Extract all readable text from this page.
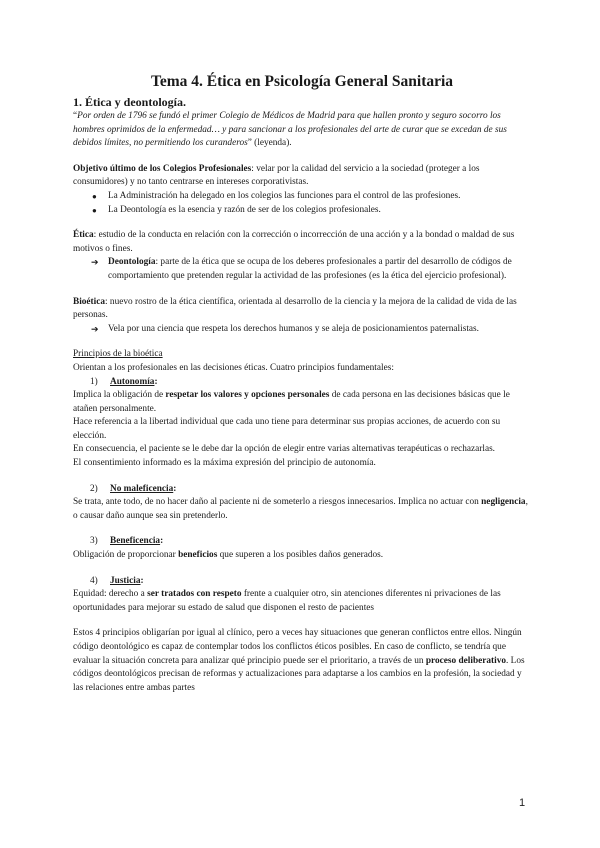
Tema 4. Ética en Psicología General Sanitaria

1. Ética y deontología.

“Por orden de 1796 se fundó el primer Colegio de Médicos de Madrid para que hallen pronto y seguro socorro los hombres oprimidos de la enfermedad… y para sancionar a los profesionales del arte de curar que se excedan de sus debidos límites, no permitiendo los curanderos” (leyenda).

Objetivo último de los Colegios Profesionales: velar por la calidad del servicio a la sociedad (proteger a los consumidores) y no tanto centrarse en intereses corporativistas.

● La Administración ha delegado en los colegios las funciones para el control de las profesiones.
● La Deontología es la esencia y razón de ser de los colegios profesionales.

Ética: estudio de la conducta en relación con la corrección o incorrección de una acción y a la bondad o maldad de sus motivos o fines.

➔ Deontología: parte de la ética que se ocupa de los deberes profesionales a partir del desarrollo de códigos de comportamiento que pretenden regular la actividad de las profesiones (es la ética del ejercicio profesional).

Bioética: nuevo rostro de la ética científica, orientada al desarrollo de la ciencia y la mejora de la calidad de vida de las personas.

➔ Vela por una ciencia que respeta los derechos humanos y se aleja de posicionamientos paternalistas.

Principios de la bioética

Orientan a los profesionales en las decisiones éticas. Cuatro principios fundamentales:

1) Autonomía:

Implica la obligación de respetar los valores y opciones personales de cada persona en las decisiones básicas que le atañen personalmente.

Hace referencia a la libertad individual que cada uno tiene para determinar sus propias acciones, de acuerdo con su elección.

En consecuencia, el paciente se le debe dar la opción de elegir entre varias alternativas terapéuticas o rechazarlas.

El consentimiento informado es la máxima expresión del principio de autonomía.

2) No maleficencia:

Se trata, ante todo, de no hacer daño al paciente ni de someterlo a riesgos innecesarios. Implica no actuar con negligencia, o causar daño aunque sea sin pretenderlo.

3) Beneficencia:

Obligación de proporcionar beneficios que superen a los posibles daños generados.

4) Justicia:

Equidad: derecho a ser tratados con respeto frente a cualquier otro, sin atenciones diferentes ni privaciones de las oportunidades para mejorar su estado de salud que disponen el resto de pacientes

Estos 4 principios obligarían por igual al clínico, pero a veces hay situaciones que generan conflictos entre ellos. Ningún código deontológico es capaz de contemplar todos los conflictos éticos posibles. En caso de conflicto, se tendría que evaluar la situación concreta para analizar qué principio puede ser el prioritario, a través de un proceso deliberativo. Los códigos deontológicos precisan de reformas y actualizaciones para adaptarse a los cambios en la profesión, la sociedad y las relaciones entre ambas partes

1
